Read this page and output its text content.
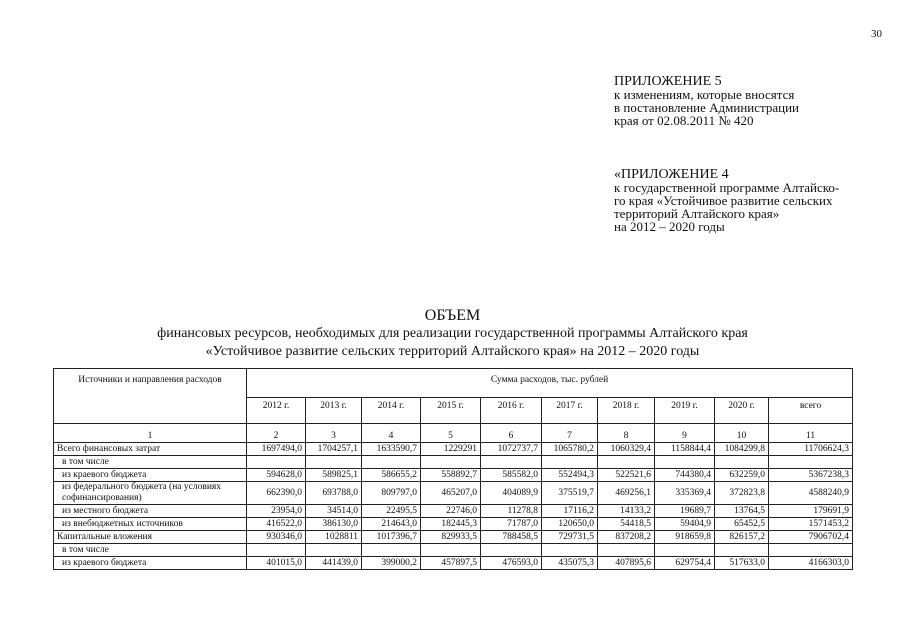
30
ПРИЛОЖЕНИЕ 5
к изменениям, которые вносятся
в постановление Администрации
края от 02.08.2011 № 420
«ПРИЛОЖЕНИЕ 4
к государственной программе Алтайско-
го края «Устойчивое развитие сельских
территорий Алтайского края»
на 2012 – 2020 годы
ОБЪЕМ
финансовых ресурсов, необходимых для реализации государственной программы Алтайского края
«Устойчивое развитие сельских территорий Алтайского края» на 2012 – 2020 годы
Источники и направления расходов	Сумма расходов, тыс. рублей									
	2012 г.	2013 г.	2014 г.	2015 г.	2016 г.	2017 г.	2018 г.	2019 г.	2020 г.	всего
1	2	3	4	5	6	7	8	9	10	11
Всего финансовых затрат	1697494,0	1704257,1	1633590,7	1229291	1072737,7	1065780,2	1060329,4	1158844,4	1084299,8	11706624,3
в том числе										
из краевого бюджета	594628,0	589825,1	586655,2	558892,7	585582,0	552494,3	522521,6	744380,4	632259,0	5367238,3
из федерального бюджета (на условиях софинансирования)	662390,0	693788,0	809797,0	465207,0	404089,9	375519,7	469256,1	335369,4	372823,8	4588240,9
из местного бюджета	23954,0	34514,0	22495,5	22746,0	11278,8	17116,2	14133,2	19689,7	13764,5	179691,9
из внебюджетных источников	416522,0	386130,0	214643,0	182445,3	71787,0	120650,0	54418,5	59404,9	65452,5	1571453,2
Капитальные вложения	930346,0	1028811	1017396,7	829933,5	788458,5	729731,5	837208,2	918659,8	826157,2	7906702,4
в том числе										
из краевого бюджета	401015,0	441439,0	399000,2	457897,5	476593,0	435075,3	407895,6	629754,4	517633,0	4166303,0
